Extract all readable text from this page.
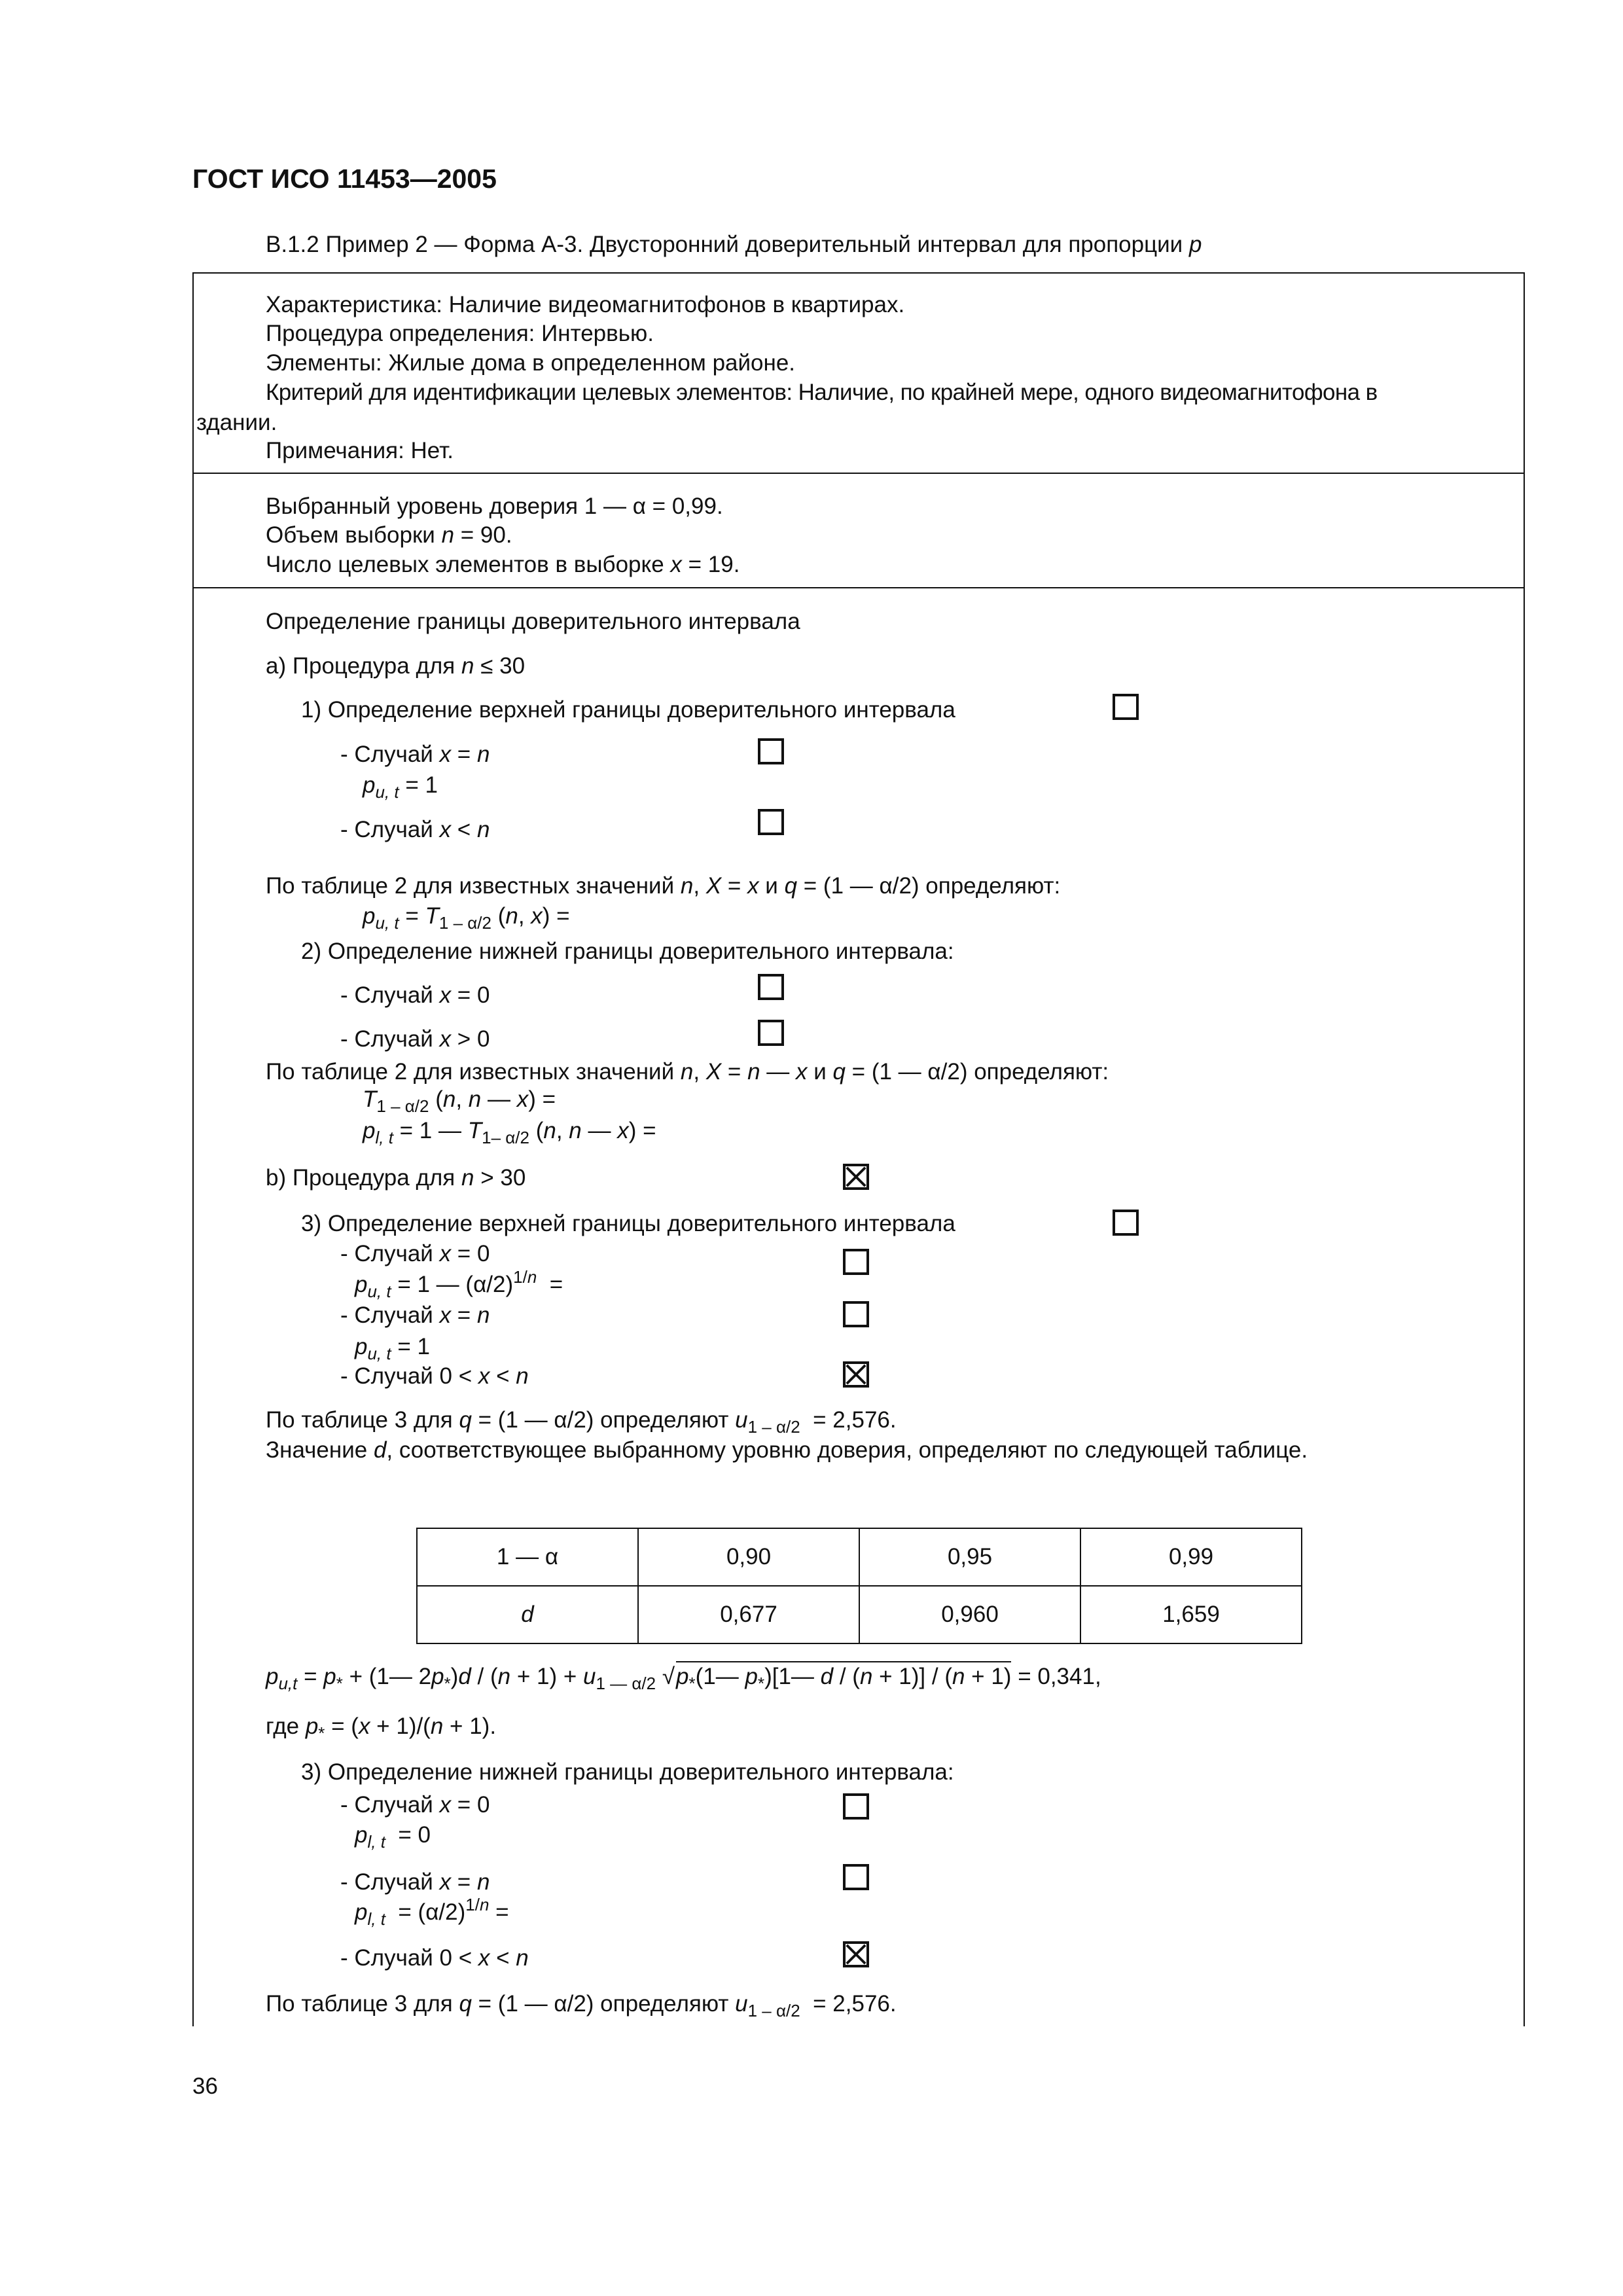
ГОСТ ИСО 11453—2005
В.1.2 Пример 2 — Форма А-3. Двусторонний доверительный интервал для пропорции p
Характеристика: Наличие видеомагнитофонов в квартирах.
Процедура определения: Интервью.
Элементы: Жилые дома в определенном районе.
Критерий для идентификации целевых элементов: Наличие, по крайней мере, одного видеомагнитофона в
здании.
Примечания: Нет.
Выбранный уровень доверия 1 — α = 0,99.
Объем выборки n = 90.
Число целевых элементов в выборке x = 19.
Определение границы доверительного интервала
а) Процедура для n ≤ 30
1) Определение верхней границы доверительного интервала
- Случай x = n
$p_{u, t} = 1$
- Случай x < n
По таблице 2 для известных значений n, X = x и q = (1 — α/2) определяют:
$p_{u, t} = T_{1 - \alpha/2}$ (n, x) =
2) Определение нижней границы доверительного интервала:
- Случай x = 0
- Случай x > 0
По таблице 2 для известных значений n, X = n — x и q = (1 — α/2) определяют:
$T_{1 - \alpha/2}$ (n, n — x) =
$p_{l, t} = 1$ — $T_{1- \alpha/2}$ (n, n — x) =
b) Процедура для n > 30
3) Определение верхней границы доверительного интервала
- Случай x = 0
$p_{u, t} = 1$ — $(\alpha/2)^{1/n}$  =
- Случай x = n
$p_{u, t} = 1$
- Случай 0 < x < n
По таблице 3 для q = (1 — α/2) определяют $u_{1 - \alpha/2} = 2,576$.
Значение d, соответствующее выбранному уровню доверия, определяют по следующей таблице.
1 — α	0,90	0,95	0,99
d	0,677	0,960	1,659
$p_{u,t} = p_*$ + (1— $2p_*)d / (n + 1) + u_{1 — \alpha/2}$ $√p_*(1—$ $p_*)[1—$ d / (n + 1)] / (n + 1) = 0,341,
где $p_* = (x + 1)/(n + 1)$.
3) Определение нижней границы доверительного интервала:
- Случай x = 0
$p_{l, t} = 0$
- Случай x = n
$p_{l, t} = (\alpha/2)^{1/n}$ =
- Случай 0 < x < n
По таблице 3 для q = (1 — α/2) определяют $u_{1 - \alpha/2} = 2,576$.
36
